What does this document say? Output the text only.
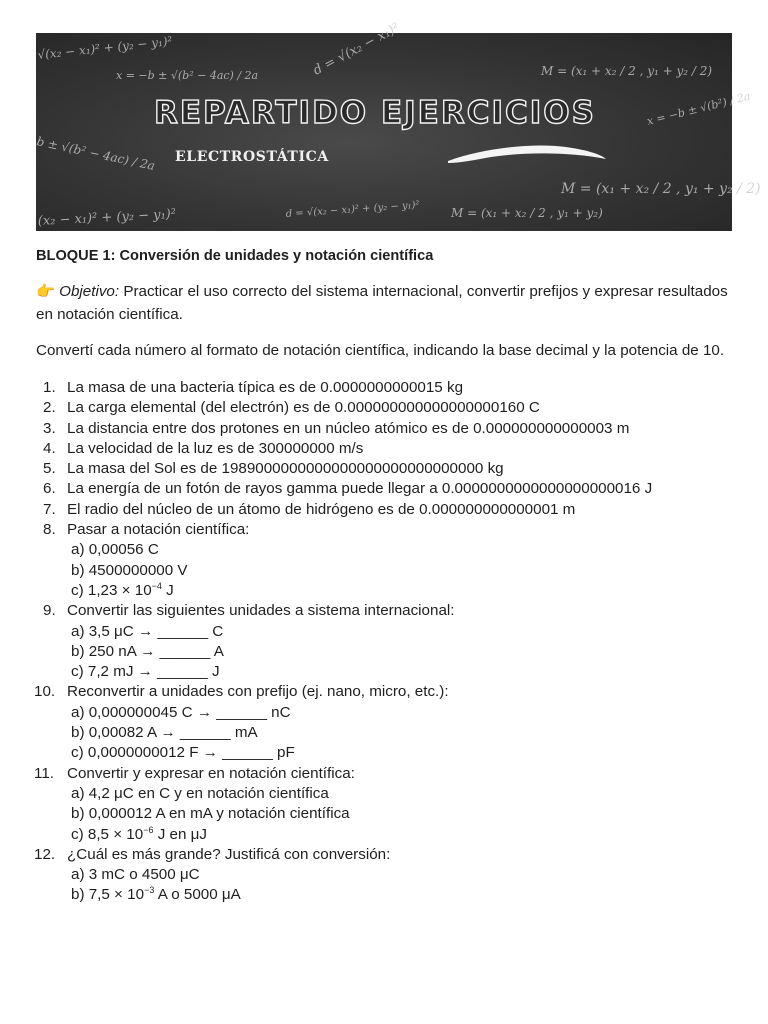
√(x₂ − x₁)² + (y₂ − y₁)²
x = −b ± √(b² − 4ac) / 2a	d = √(x₂ − x₁)²	M = (x₁ + x₂ / 2 , y₁ + y₂ / 2)
x = −b ± √(b²) / 2a
b ± √(b² − 4ac) / 2a
M = (x₁ + x₂ / 2 , y₁ + y₂ / 2)
(x₂ − x₁)² + (y₂ − y₁)²	d = √(x₂ − x₁)² + (y₂ − y₁)²	M = (x₁ + x₂ / 2 , y₁ + y₂)
REPARTIDO EJERCICIOS
ELECTROSTÁTICA

BLOQUE 1: Conversión de unidades y notación científica

👉 Objetivo: Practicar el uso correcto del sistema internacional, convertir prefijos y expresar resultados en notación científica.

Convertí cada número al formato de notación científica, indicando la base decimal y la potencia de 10.

1. La masa de una bacteria típica es de 0.0000000000015 kg
2. La carga elemental (del electrón) es de 0.000000000000000000160 C
3. La distancia entre dos protones en un núcleo atómico es de 0.000000000000003 m
4. La velocidad de la luz es de 300000000 m/s
5. La masa del Sol es de 1989000000000000000000000000000 kg
6. La energía de un fotón de rayos gamma puede llegar a 0.0000000000000000000016 J
7. El radio del núcleo de un átomo de hidrógeno es de 0.000000000000001 m
8. Pasar a notación científica:
a) 0,00056 C
b) 4500000000 V
c) $1,23 \times 10^{-4}$ J
9. Convertir las siguientes unidades a sistema internacional:
a) 3,5 μC → ______ C
b) 250 nA → ______ A
c) 7,2 mJ → ______ J
10. Reconvertir a unidades con prefijo (ej. nano, micro, etc.):
a) 0,000000045 C → ______ nC
b) 0,00082 A → ______ mA
c) 0,0000000012 F → ______ pF
11. Convertir y expresar en notación científica:
a) 4,2 μC en C y en notación científica
b) 0,000012 A en mA y notación científica
c) $8,5 \times 10^{-6}$ J en μJ
12. ¿Cuál es más grande? Justificá con conversión:
a) 3 mC o 4500 μC
b) $7,5 \times 10^{-3}$ A o 5000 μA
